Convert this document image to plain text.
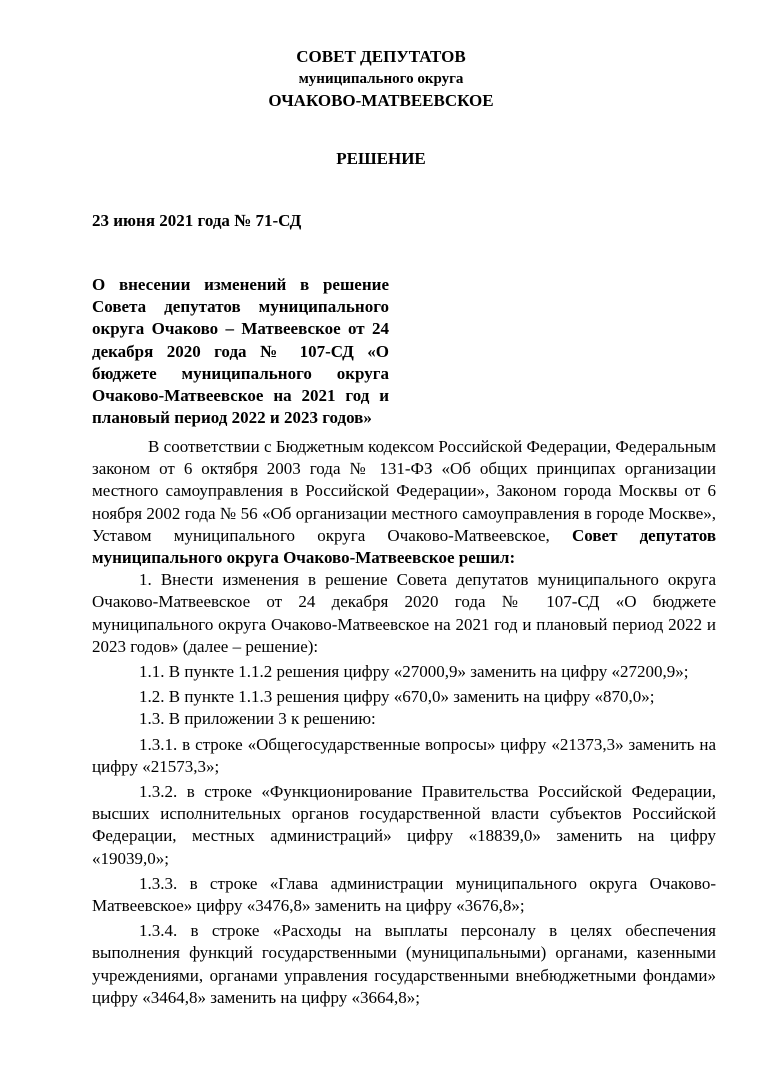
СОВЕТ ДЕПУТАТОВ
муниципального округа
ОЧАКОВО-МАТВЕЕВСКОЕ
РЕШЕНИЕ
23 июня 2021 года № 71-СД
О внесении изменений в решение Совета депутатов муниципального округа Очаково – Матвеевское от 24 декабря 2020 года № 107-СД «О бюджете муниципального округа Очаково-Матвеевское на 2021 год и плановый период 2022 и 2023 годов»

В соответствии с Бюджетным кодексом Российской Федерации, Федеральным законом от 6 октября 2003 года № 131-ФЗ «Об общих принципах организации местного самоуправления в Российской Федерации», Законом города Москвы от 6 ноября 2002 года № 56 «Об организации местного самоуправления в городе Москве», Уставом муниципального округа Очаково-Матвеевское, Совет депутатов муниципального округа Очаково-Матвеевское решил:

1. Внести изменения в решение Совета депутатов муниципального округа Очаково-Матвеевское от 24 декабря 2020 года № 107-СД «О бюджете муниципального округа Очаково-Матвеевское на 2021 год и плановый период 2022 и 2023 годов» (далее – решение):

1.1. В пункте 1.1.2 решения цифру «27000,9» заменить на цифру «27200,9»;

1.2. В пункте 1.1.3 решения цифру «670,0» заменить на цифру «870,0»;

1.3. В приложении 3 к решению:

1.3.1. в строке «Общегосударственные вопросы» цифру «21373,3» заменить на цифру «21573,3»;

1.3.2. в строке «Функционирование Правительства Российской Федерации, высших исполнительных органов государственной власти субъектов Российской Федерации, местных администраций» цифру «18839,0» заменить на цифру «19039,0»;

1.3.3. в строке «Глава администрации муниципального округа Очаково-Матвеевское» цифру «3476,8» заменить на цифру «3676,8»;

1.3.4. в строке «Расходы на выплаты персоналу в целях обеспечения выполнения функций государственными (муниципальными) органами, казенными учреждениями, органами управления государственными внебюджетными фондами» цифру «3464,8» заменить на цифру «3664,8»;
